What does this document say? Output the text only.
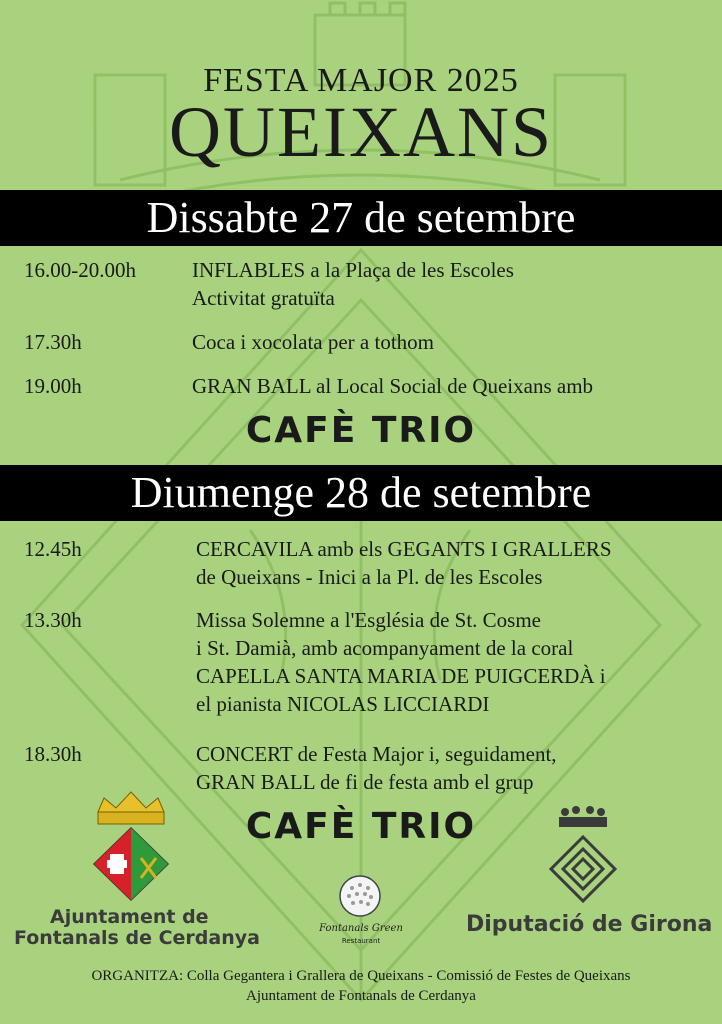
FESTA MAJOR 2025
QUEIXANS
Dissabte 27 de setembre
16.00-20.00h	INFLABLES a la Plaça de les Escoles
Activitat gratuïta
17.30h	Coca i xocolata per a tothom
19.00h	GRAN BALL al Local Social de Queixans amb
CAFÈ TRIO
Diumenge 28 de setembre
12.45h	CERCAVILA amb els GEGANTS I GRALLERS
de Queixans - Inici a la Pl. de les Escoles
13.30h	Missa Solemne a l'Església de St. Cosme
i St. Damià, amb acompanyament de la coral
CAPELLA SANTA MARIA DE PUIGCERDÀ i
el pianista NICOLAS LICCIARDI
18.30h	CONCERT de Festa Major i, seguidament,
GRAN BALL de fi de festa amb el grup
CAFÈ TRIO
Ajuntament de
Fontanals de Cerdanya	Fontanals Green
Restaurant
Diputació de Girona
ORGANITZA: Colla Gegantera i Grallera de Queixans - Comissió de Festes de Queixans
Ajuntament de Fontanals de Cerdanya
